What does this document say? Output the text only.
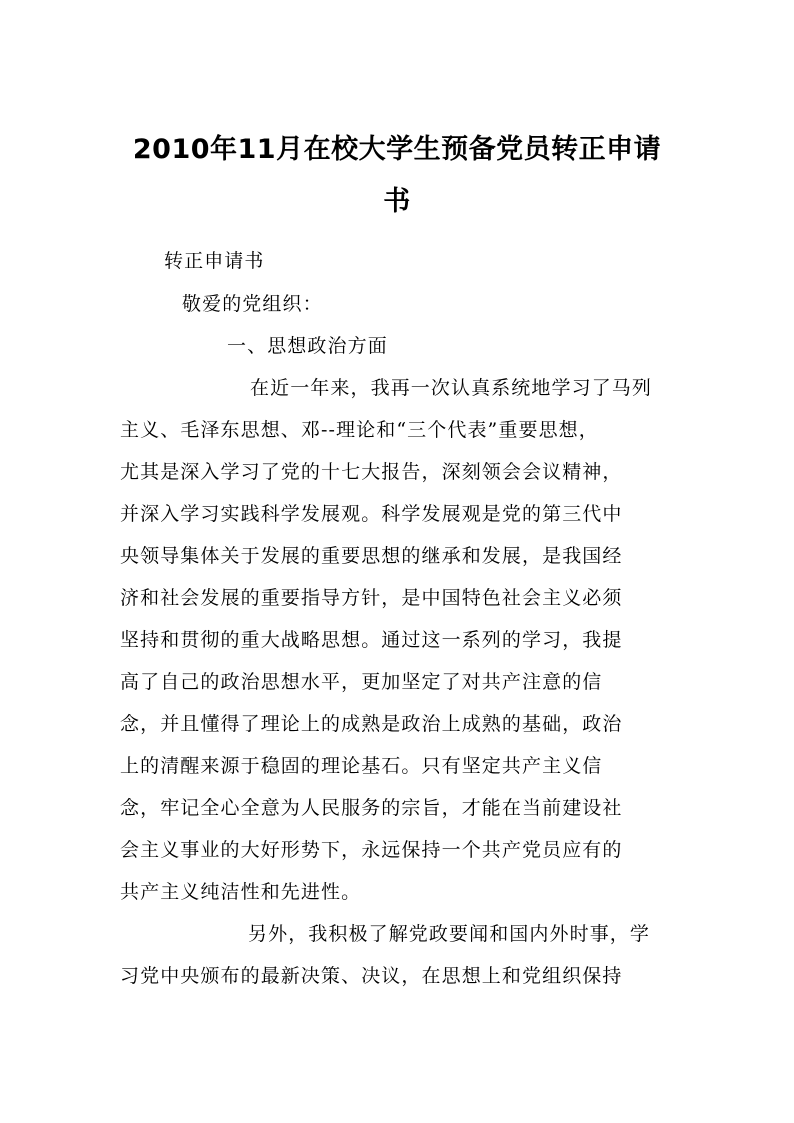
2010年11月在校大学生预备党员转正申请
书

转正申请书

敬爱的党组织：

一、思想政治方面

在近一年来，我再一次认真系统地学习了马列

主义、毛泽东思想、邓--理论和“三个代表”重要思想，

尤其是深入学习了党的十七大报告，深刻领会会议精神，

并深入学习实践科学发展观。科学发展观是党的第三代中

央领导集体关于发展的重要思想的继承和发展，是我国经

济和社会发展的重要指导方针，是中国特色社会主义必须

坚持和贯彻的重大战略思想。通过这一系列的学习，我提

高了自己的政治思想水平，更加坚定了对共产注意的信

念，并且懂得了理论上的成熟是政治上成熟的基础，政治

上的清醒来源于稳固的理论基石。只有坚定共产主义信

念，牢记全心全意为人民服务的宗旨，才能在当前建设社

会主义事业的大好形势下，永远保持一个共产党员应有的

共产主义纯洁性和先进性。

另外，我积极了解党政要闻和国内外时事，学

习党中央颁布的最新决策、决议，在思想上和党组织保持
